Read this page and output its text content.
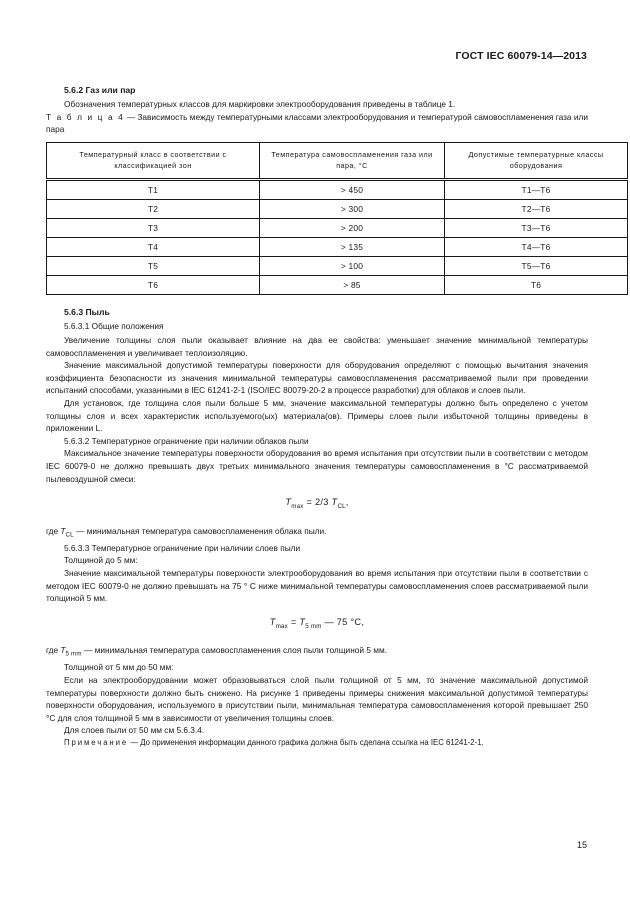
ГОСТ IEC 60079-14—2013
5.6.2 Газ или пар

Обозначения температурных классов для маркировки электрооборудования приведены в таблице 1.

Т а б л и ц а 4 — Зависимость между температурными классами электрооборудования и температурой самовоспламенения газа или пара
Температурный класс в соответствии с классификацией зон	Температура самовоспламенения газа или пара, °С	Допустимые температурные классы оборудования
T1	> 450	T1—T6
T2	> 300	T2—T6
T3	> 200	T3—T6
T4	> 135	T4—T6
T5	> 100	T5—T6
T6	> 85	T6
5.6.3 Пыль

5.6.3.1 Общие положения

Увеличение толщины слоя пыли оказывает влияние на два ее свойства: уменьшает значение минимальной температуры самовоспламенения и увеличивает теплоизоляцию.

Значение максимальной допустимой температуры поверхности для оборудования определяют с помощью вычитания значения коэффициента безопасности из значения минимальной температуры самовоспламенения рассматриваемой пыли при проведении испытаний способами, указанными в IEC 61241-2-1 (ISO/IEC 80079-20-2 в процессе разработки) для облаков и слоев пыли.

Для установок, где толщина слоя пыли больше 5 мм, значение максимальной температуры должно быть определено с учетом толщины слоя и всех характеристик используемого(ых) материала(ов). Примеры слоев пыли избыточной толщины приведены в приложении L.

5.6.3.2 Температурное ограничение при наличии облаков пыли

Максимальное значение температуры поверхности оборудования во время испытания при отсутствии пыли в соответствии с методом IEC 60079-0 не должно превышать двух третьих минимального значения температуры самовоспламенения в °С рассматриваемой пылевоздушной смеси:

$T_{max} = 2/3$ $T_{CL}$,

где $T_{CL}$ — минимальная температура самовоспламенения облака пыли.

5.6.3.3 Температурное ограничение при наличии слоев пыли

Толщиной до 5 мм:

Значение максимальной температуры поверхности электрооборудования во время испытания при отсутствии пыли в соответствии с методом IEC 60079-0 не должно превышать на 75 ° С ниже минимальной температуры самовоспламенения слоев рассматриваемой пыли толщиной 5 мм.

$T_{max} = T_{5 mm}$ — 75 °С,

где $T_{5 mm}$ — минимальная температура самовоспламенения слоя пыли толщиной 5 мм.

Толщиной от 5 мм до 50 мм:

Если на электрооборудовании может образовываться слой пыли толщиной от 5 мм, то значение максимальной допустимой температуры поверхности должно быть снижено. На рисунке 1 приведены примеры снижения максимальной допустимой температуры поверхности оборудования, используемого в присутствии пыли, минимальная температура самовоспламенения которой превышает 250 °С для слоя толщиной 5 мм в зависимости от увеличения толщины слоев.

Для слоев пыли от 50 мм см 5.6.3.4.

Примечание — До применения информации данного графика должна быть сделана ссылка на IEC 61241-2-1.

15
